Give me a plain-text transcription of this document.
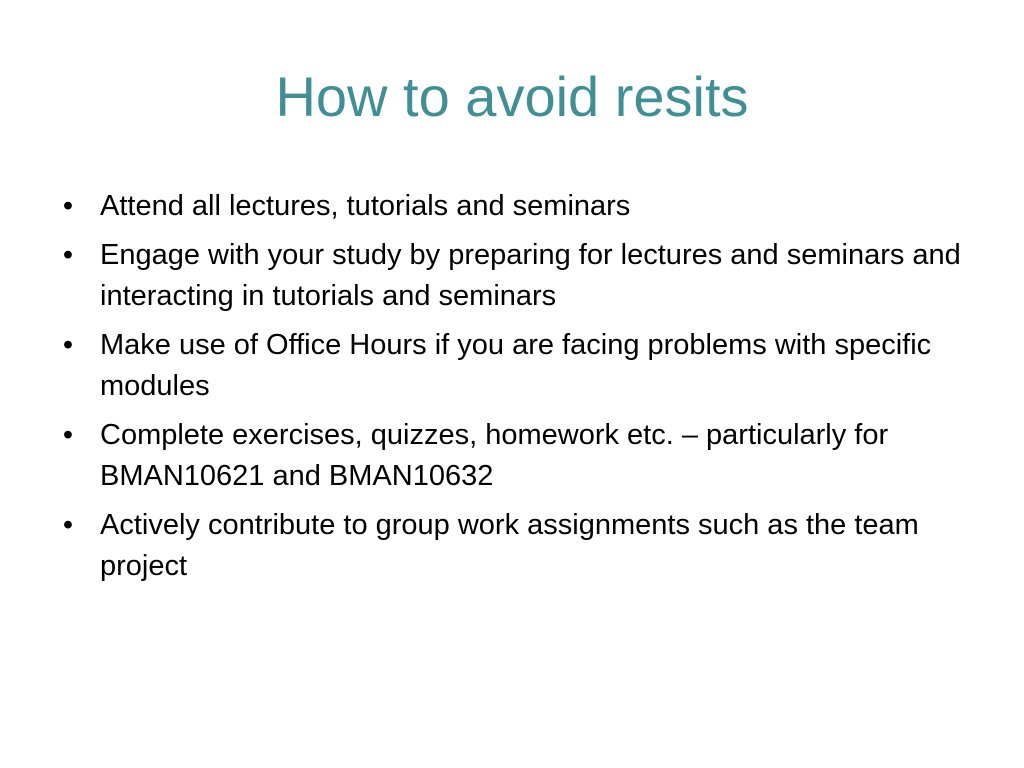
How to avoid resits
• Attend all lectures, tutorials and seminars
• Engage with your study by preparing for lectures and seminars and interacting in tutorials and seminars
• Make use of Office Hours if you are facing problems with specific modules
• Complete exercises, quizzes, homework etc. – particularly for BMAN10621 and BMAN10632
• Actively contribute to group work assignments such as the team project
